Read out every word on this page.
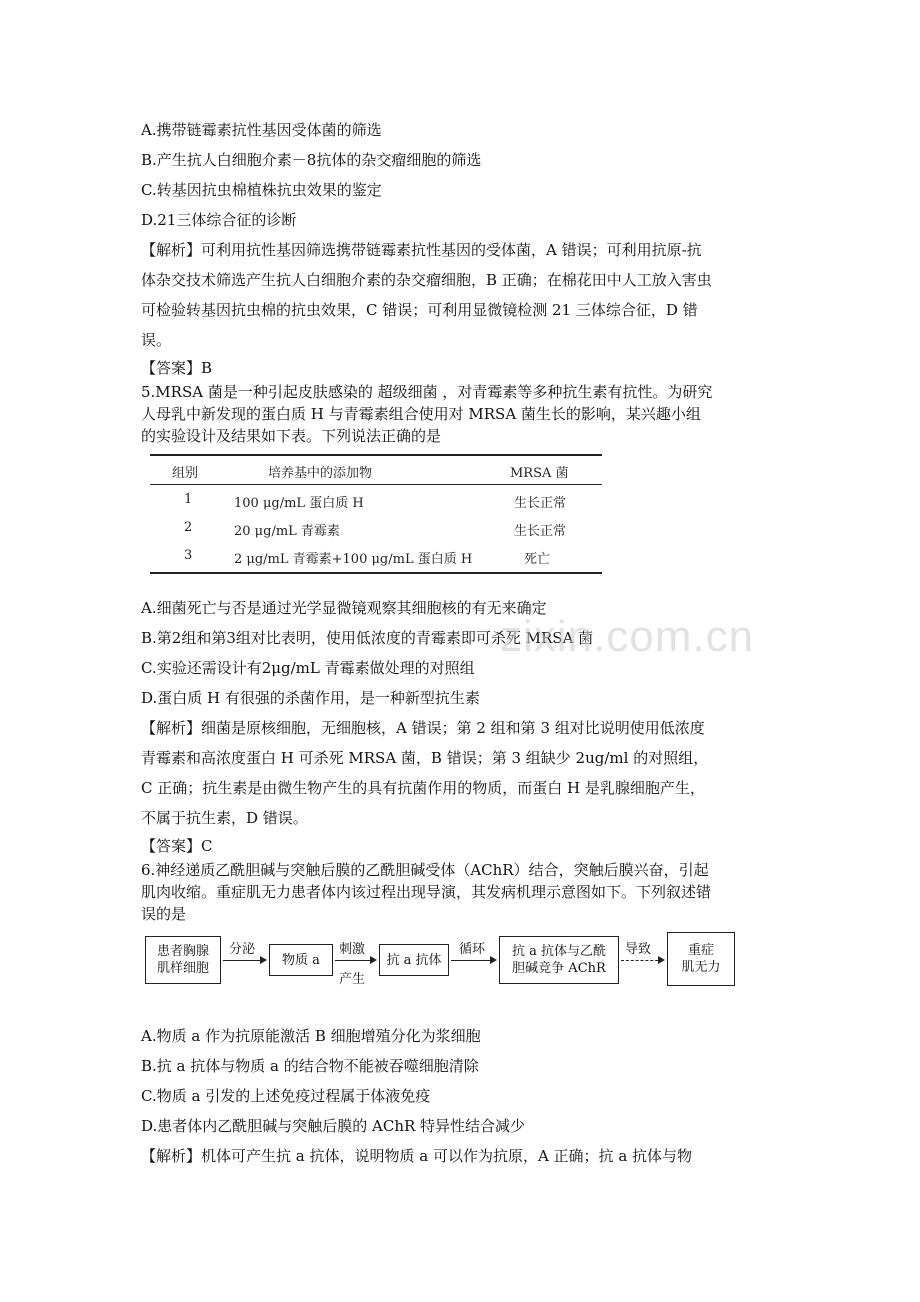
A.携带链霉素抗性基因受体菌的筛选
B.产生抗人白细胞介素－8抗体的杂交瘤细胞的筛选
C.转基因抗虫棉植株抗虫效果的鉴定
D.21三体综合征的诊断
【解析】可利用抗性基因筛选携带链霉素抗性基因的受体菌，A 错误；可利用抗原-抗
体杂交技术筛选产生抗人白细胞介素的杂交瘤细胞，B 正确；在棉花田中人工放入害虫
可检验转基因抗虫棉的抗虫效果，C 错误；可利用显微镜检测 21 三体综合征，D 错
误。
【答案】B
5.MRSA 菌是一种引起皮肤感染的 超级细菌 ，对青霉素等多种抗生素有抗性。为研究
人母乳中新发现的蛋白质 H 与青霉素组合使用对 MRSA 菌生长的影响，某兴趣小组
的实验设计及结果如下表。下列说法正确的是
A.细菌死亡与否是通过光学显微镜观察其细胞核的有无来确定
B.第2组和第3组对比表明，使用低浓度的青霉素即可杀死 MRSA 菌
C.实验还需设计有2μg/mL 青霉素做处理的对照组
D.蛋白质 H 有很强的杀菌作用，是一种新型抗生素
【解析】细菌是原核细胞，无细胞核，A 错误；第 2 组和第 3 组对比说明使用低浓度
青霉素和高浓度蛋白 H 可杀死 MRSA 菌，B 错误；第 3 组缺少 2ug/ml 的对照组，
C 正确；抗生素是由微生物产生的具有抗菌作用的物质，而蛋白 H 是乳腺细胞产生，
不属于抗生素，D 错误。
【答案】C
6.神经递质乙酰胆碱与突触后膜的乙酰胆碱受体（AChR）结合，突触后膜兴奋，引起
肌肉收缩。重症肌无力患者体内该过程出现导演，其发病机理示意图如下。下列叙述错
误的是
A.物质 a 作为抗原能激活 B 细胞增殖分化为浆细胞
B.抗 a 抗体与物质 a 的结合物不能被吞噬细胞清除
C.物质 a 引发的上述免疫过程属于体液免疫
D.患者体内乙酰胆碱与突触后膜的 AChR 特异性结合减少
【解析】机体可产生抗 a 抗体，说明物质 a 可以作为抗原，A 正确；抗 a 抗体与物
zixin.com.cn
组别	培养基中的添加物	MRSA 菌
1	100 μg/mL 蛋白质 H	生长正常
2	20 μg/mL 青霉素	生长正常
3	2 μg/mL 青霉素+100 μg/mL 蛋白质 H	死亡
患者胸腺
肌样细胞
分泌
物质 a
刺激
产生
抗 a 抗体
循环 抗 a 抗体与乙酰
胆碱竞争 AChR
导致	重症
肌无力
